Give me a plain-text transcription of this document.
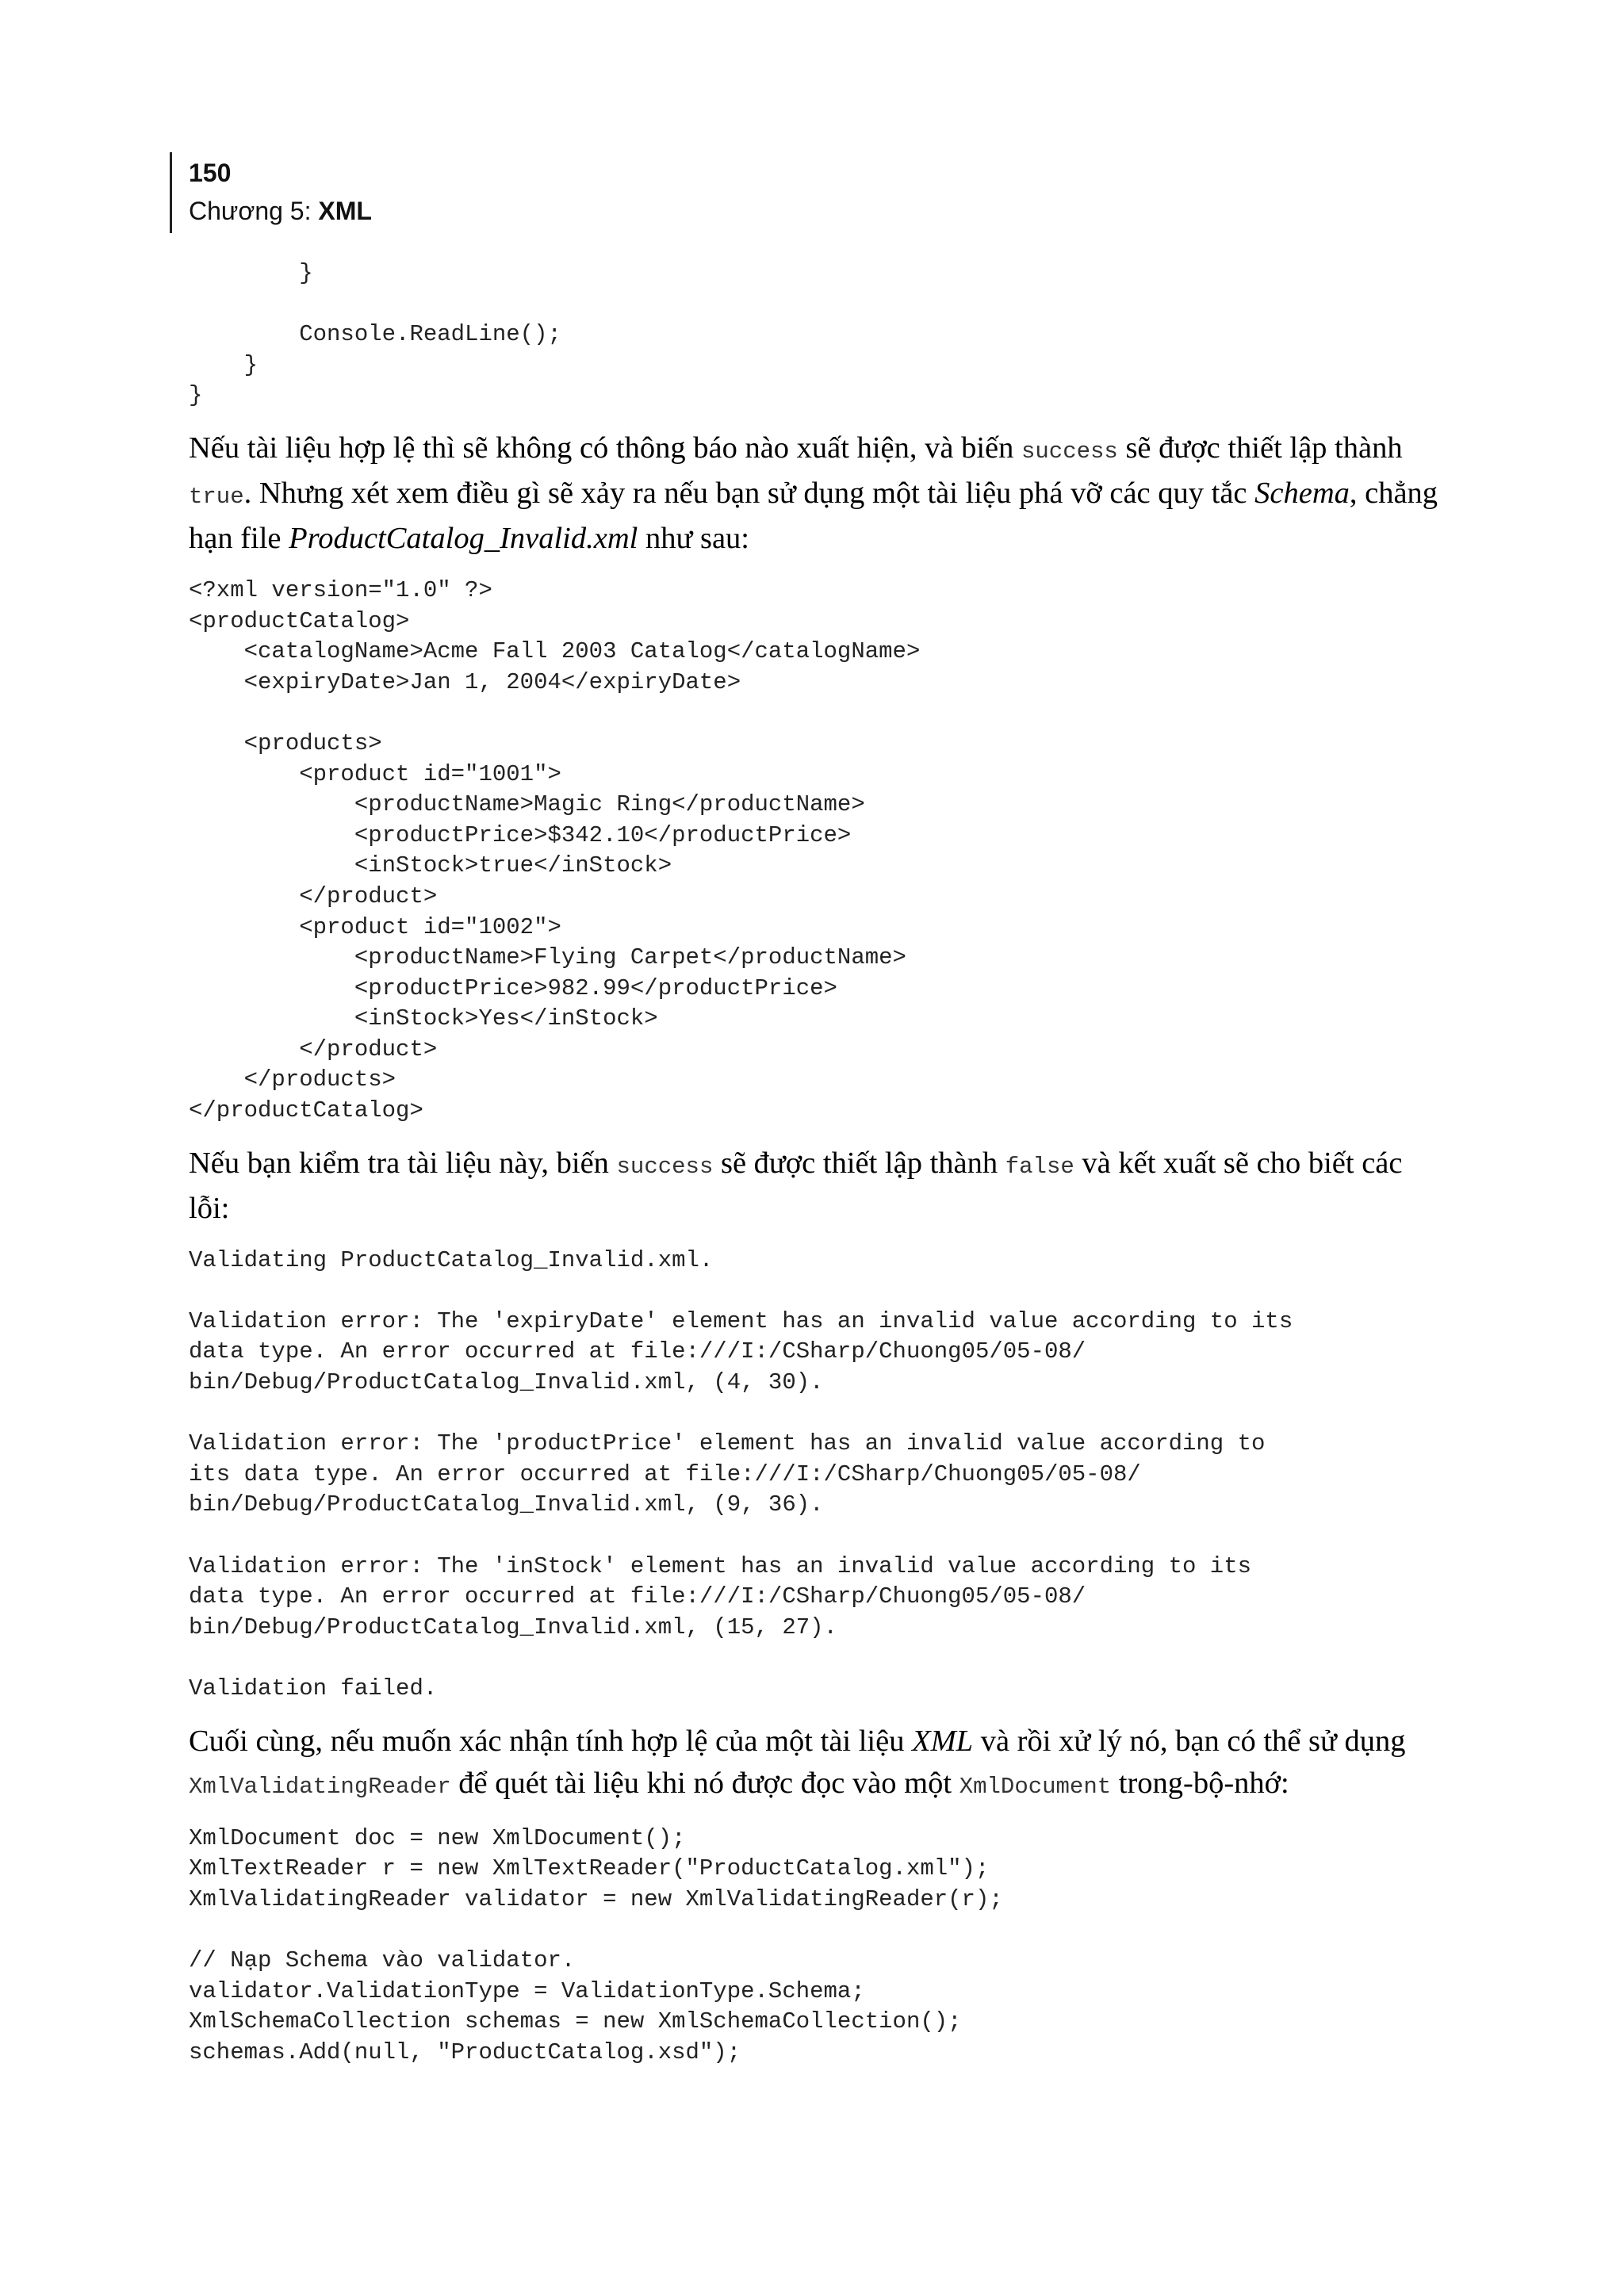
150
Chương 5: XML
}

Console.ReadLine();
}
}

Nếu tài liệu hợp lệ thì sẽ không có thông báo nào xuất hiện, và biến success sẽ được thiết lập thành true. Nhưng xét xem điều gì sẽ xảy ra nếu bạn sử dụng một tài liệu phá vỡ các quy tắc Schema, chẳng hạn file ProductCatalog_Invalid.xml như sau:

<?xml version="1.0" ?>
<productCatalog>
<catalogName>Acme Fall 2003 Catalog</catalogName>
<expiryDate>Jan 1, 2004</expiryDate>

<products>
<product id="1001">
<productName>Magic Ring</productName>
<productPrice>$342.10</productPrice>
<inStock>true</inStock>
</product>
<product id="1002">
<productName>Flying Carpet</productName>
<productPrice>982.99</productPrice>
<inStock>Yes</inStock>
</product>
</products>
</productCatalog>

Nếu bạn kiểm tra tài liệu này, biến success sẽ được thiết lập thành false và kết xuất sẽ cho biết các lỗi:

Validating ProductCatalog_Invalid.xml.

Validation error: The 'expiryDate' element has an invalid value according to its
data type. An error occurred at file:///I:/CSharp/Chuong05/05-08/
bin/Debug/ProductCatalog_Invalid.xml, (4, 30).

Validation error: The 'productPrice' element has an invalid value according to
its data type. An error occurred at file:///I:/CSharp/Chuong05/05-08/
bin/Debug/ProductCatalog_Invalid.xml, (9, 36).

Validation error: The 'inStock' element has an invalid value according to its
data type. An error occurred at file:///I:/CSharp/Chuong05/05-08/
bin/Debug/ProductCatalog_Invalid.xml, (15, 27).

Validation failed.

Cuối cùng, nếu muốn xác nhận tính hợp lệ của một tài liệu XML và rồi xử lý nó, bạn có thể sử dụng XmlValidatingReader để quét tài liệu khi nó được đọc vào một XmlDocument trong-bộ-nhớ:

XmlDocument doc = new XmlDocument();
XmlTextReader r = new XmlTextReader("ProductCatalog.xml");
XmlValidatingReader validator = new XmlValidatingReader(r);

// Nạp Schema vào validator.
validator.ValidationType = ValidationType.Schema;
XmlSchemaCollection schemas = new XmlSchemaCollection();
schemas.Add(null, "ProductCatalog.xsd");
